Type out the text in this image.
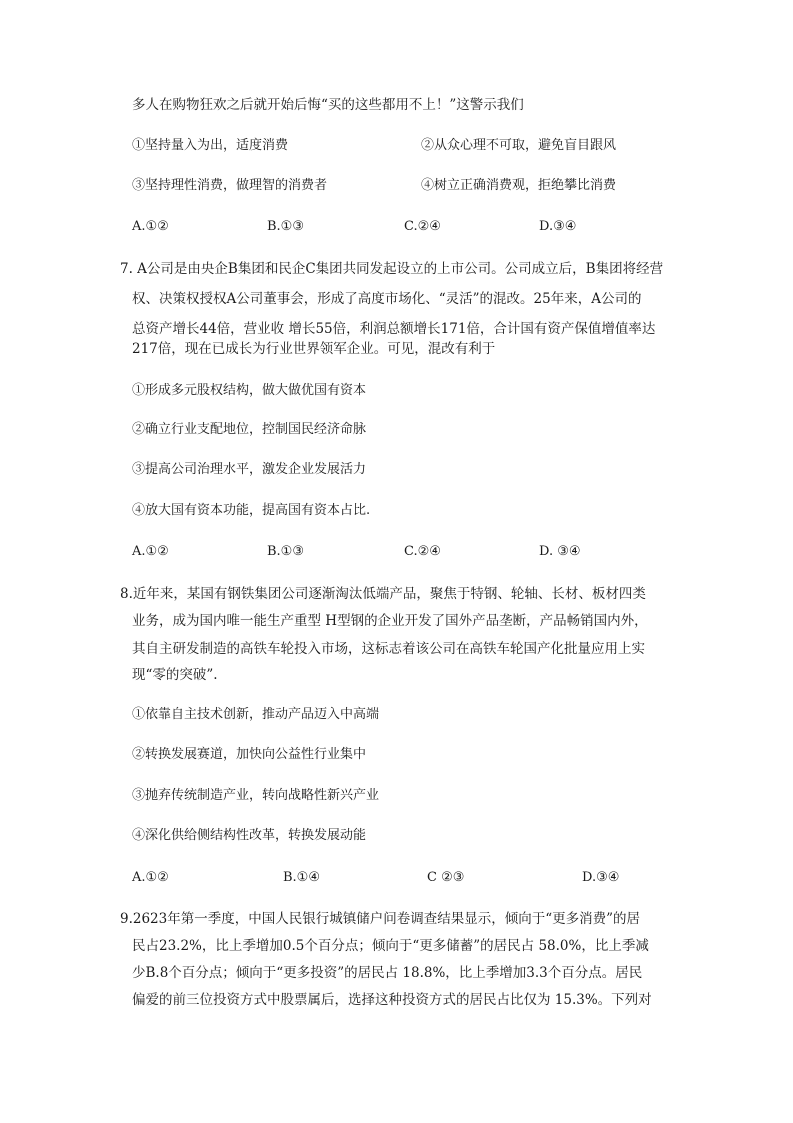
多人在购物狂欢之后就开始后悔“买的这些都用不上！”这警示我们

①坚持量入为出，适度消费	②从众心理不可取，避免盲目跟风

③坚持理性消费，做理智的消费者	④树立正确消费观，拒绝攀比消费

A.①②	B.①③	C.②④	D.③④

7. A公司是由央企B集团和民企C集团共同发起设立的上市公司。公司成立后，B集团将经营

权、决策权授权A公司董事会，形成了高度市场化、“灵活”的混改。25年来，A公司的

总资产增长44倍，营业收 增长55倍，利润总额增长171倍，合计国有资产保值增值率达

217倍，现在已成长为行业世界领军企业。可见，混改有利于

①形成多元股权结构，做大做优国有资本

②确立行业支配地位，控制国民经济命脉

③提高公司治理水平，激发企业发展活力

④放大国有资本功能，提高国有资本占比.

A.①②	B.①③	C.②④	D. ③④

8.近年来，某国有钢铁集团公司逐渐淘汰低端产品，聚焦于特钢、轮轴、长材、板材四类

业务，成为国内唯一能生产重型 H型钢的企业开发了国外产品垄断，产品畅销国内外，

其自主研发制造的高铁车轮投入市场，这标志着该公司在高铁车轮国产化批量应用上实

现“零的突破”.

①依靠自主技术创新，推动产品迈入中高端

②转换发展赛道，加快向公益性行业集中

③抛弃传统制造产业，转向战略性新兴产业

④深化供给侧结构性改革，转换发展动能

A.①②	B.①④	C ②③	D.③④

9.2623年第一季度，中国人民银行城镇储户问卷调查结果显示，倾向于“更多消费”的居

民占23.2%，比上季增加0.5个百分点；倾向于“更多储蓄”的居民占 58.0%，比上季减

少B.8个百分点；倾向于“更多投资”的居民占 18.8%，比上季增加3.3个百分点。居民

偏爱的前三位投资方式中股票属后，选择这种投资方式的居民占比仅为 15.3%。下列对
